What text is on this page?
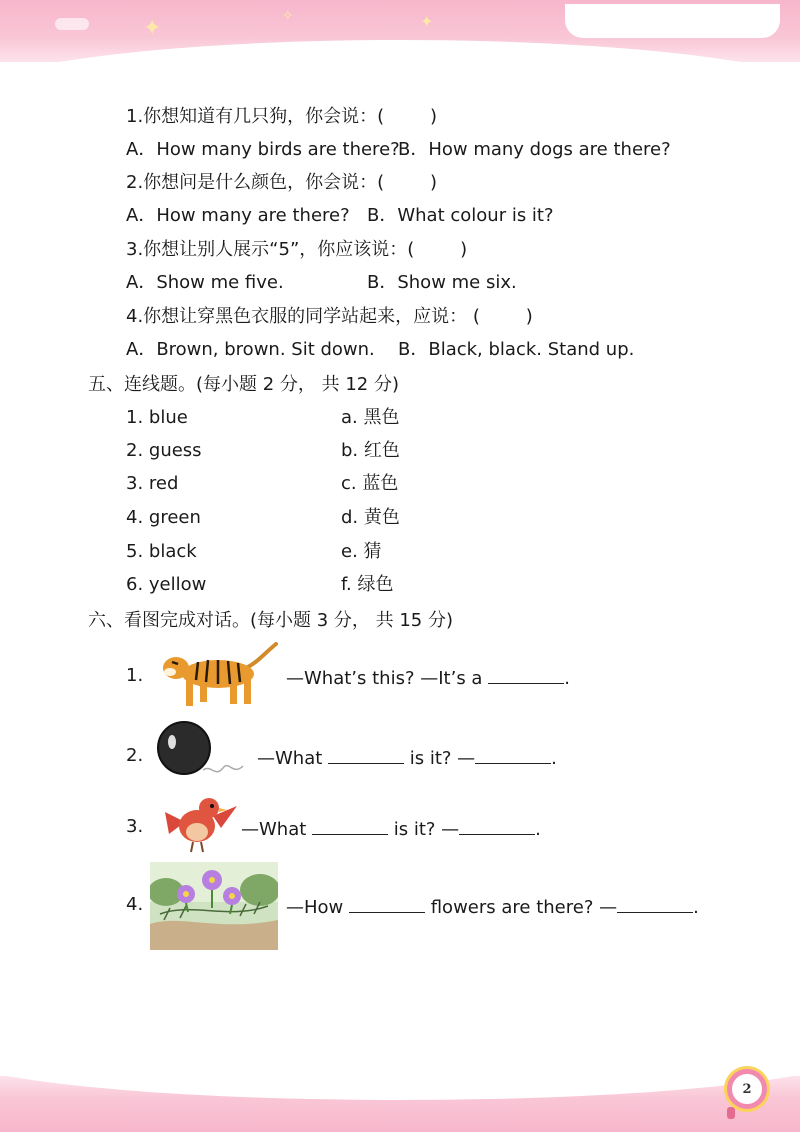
✦	✧	✦
1.你想知道有几只狗，你会说：(        )
A．How many birds are there?
B．How many dogs are there?
2.你想问是什么颜色，你会说：(        )
A．How many are there? B．What colour is it?
3.你想让别人展示“5”，你应该说：(        )
A．Show me five.	B．Show me six.
4.你想让穿黑色衣服的同学站起来，应说： (        )
A．Brown, brown. Sit down. B．Black, black. Stand up.
五、连线题。(每小题 2 分， 共 12 分)
1. blue	a. 黑色
2. guess	b. 红色
3. red	c. 蓝色
4. green	d. 黄色
5. black	e. 猜
6. yellow	f. 绿色
六、看图完成对话。(每小题 3 分， 共 15 分)
1.	—What’s this? —It’s a	.
2.	—What	is it? —	.
3.	—What	is it? —	.
4.	—How	flowers are there? —	.
2
